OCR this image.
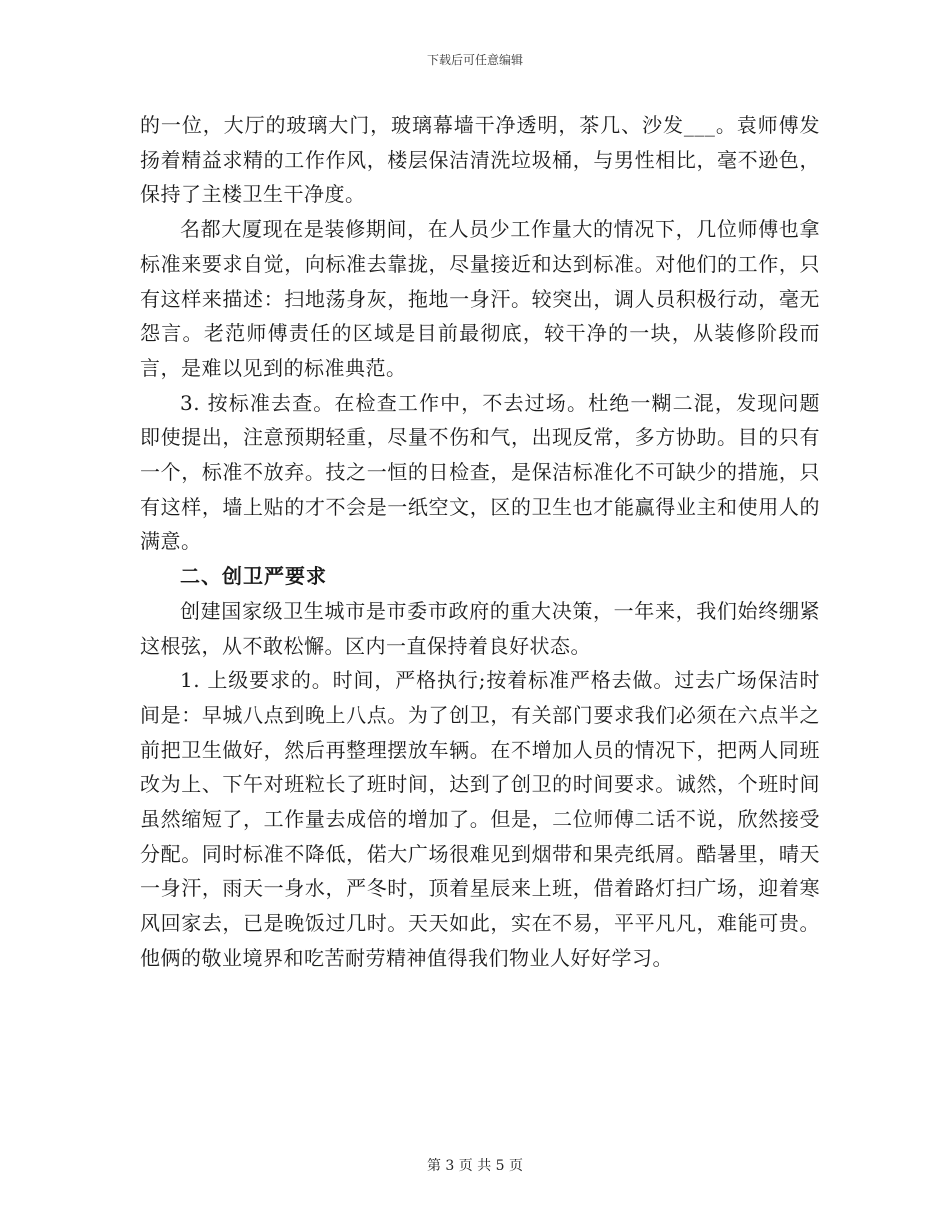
下载后可任意编辑

的一位，大厅的玻璃大门，玻璃幕墙干净透明，茶几、沙发___。袁师傅发扬着精益求精的工作作风，楼层保洁清洗垃圾桶，与男性相比，毫不逊色，保持了主楼卫生干净度。

名都大厦现在是装修期间，在人员少工作量大的情况下，几位师傅也拿标准来要求自觉，向标准去靠拢，尽量接近和达到标准。对他们的工作，只有这样来描述：扫地荡身灰，拖地一身汗。较突出，调人员积极行动，毫无怨言。老范师傅责任的区域是目前最彻底，较干净的一块，从装修阶段而言，是难以见到的标准典范。

3. 按标准去查。在检查工作中，不去过场。杜绝一糊二混，发现问题即使提出，注意预期轻重，尽量不伤和气，出现反常，多方协助。目的只有一个，标准不放弃。技之一恒的日检查，是保洁标准化不可缺少的措施，只有这样，墙上贴的才不会是一纸空文，区的卫生也才能赢得业主和使用人的满意。

二、创卫严要求

创建国家级卫生城市是市委市政府的重大决策，一年来，我们始终绷紧这根弦，从不敢松懈。区内一直保持着良好状态。

1. 上级要求的。时间，严格执行;按着标准严格去做。过去广场保洁时间是：早城八点到晚上八点。为了创卫，有关部门要求我们必须在六点半之前把卫生做好，然后再整理摆放车辆。在不增加人员的情况下，把两人同班改为上、下午对班粒长了班时间，达到了创卫的时间要求。诚然，个班时间虽然缩短了，工作量去成倍的增加了。但是，二位师傅二话不说，欣然接受分配。同时标准不降低，偌大广场很难见到烟带和果壳纸屑。酷暑里，晴天一身汗，雨天一身水，严冬时，顶着星辰来上班，借着路灯扫广场，迎着寒风回家去，已是晚饭过几时。天天如此，实在不易，平平凡凡，难能可贵。他俩的敬业境界和吃苦耐劳精神值得我们物业人好好学习。

第 3 页 共 5 页
